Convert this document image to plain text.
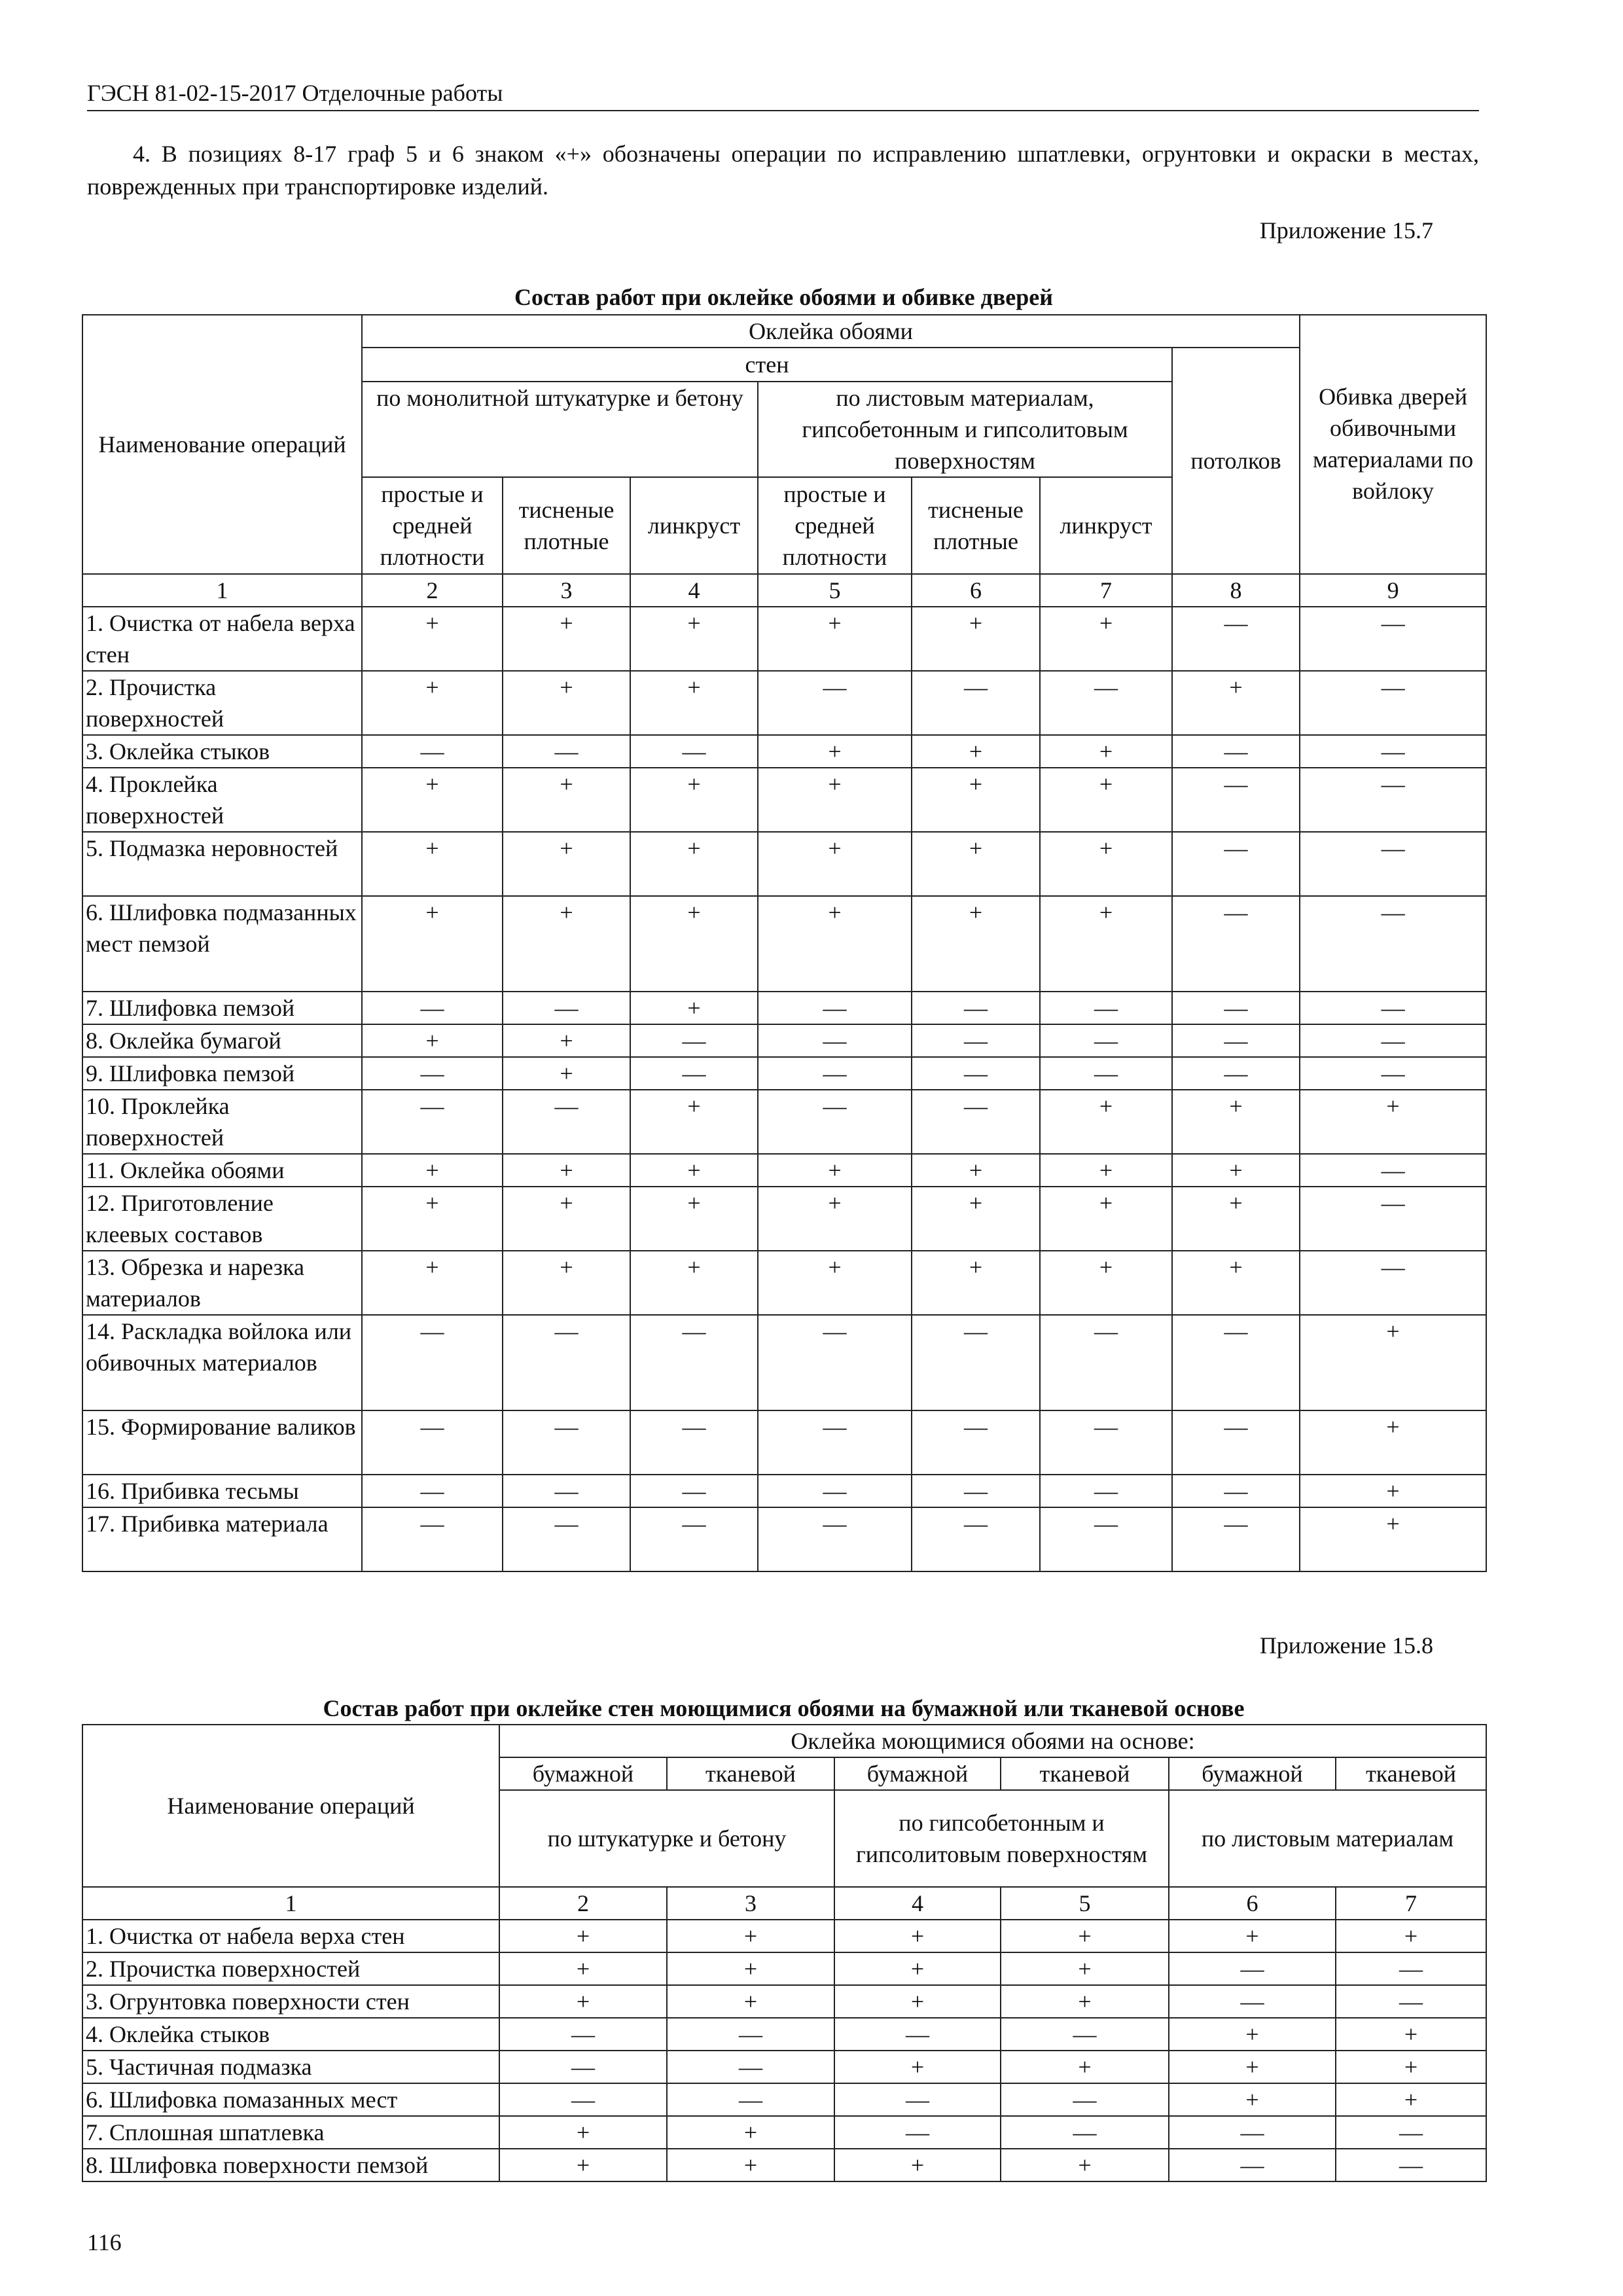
ГЭСН 81-02-15-2017 Отделочные работы
4. В позициях 8-17 граф 5 и 6 знаком «+» обозначены операции по исправлению шпатлевки, огрунтовки и окраски в местах, поврежденных при транспортировке изделий.
Приложение 15.7
Состав работ при оклейке обоями и обивке дверей
Наименование операций	Оклейка обоями							Обивка дверей обивочными материалами по войлоку
	стен						потолков	
	по монолитной штукатурке и бетону			по листовым материалам, гипсобетонным и гипсолитовым поверхностям				
	простые и средней плотности	тисненые плотные	линкруст	простые и средней плотности	тисненые плотные	линкруст		
1	2	3	4	5	6	7	8	9
1. Очистка от набела верха стен	+	+	+	+	+	+	—	—
2. Прочистка поверхностей	+	+	+	—	—	—	+	—
3. Оклейка стыков	—	—	—	+	+	+	—	—
4. Проклейка поверхностей	+	+	+	+	+	+	—	—
5. Подмазка неровностей	+	+	+	+	+	+	—	—
6. Шлифовка подмазанных мест пемзой	+	+	+	+	+	+	—	—
7. Шлифовка пемзой	—	—	+	—	—	—	—	—
8. Оклейка бумагой	+	+	—	—	—	—	—	—
9. Шлифовка пемзой	—	+	—	—	—	—	—	—
10. Проклейка поверхностей	—	—	+	—	—	+	+	+
11. Оклейка обоями	+	+	+	+	+	+	+	—
12. Приготовление клеевых составов	+	+	+	+	+	+	+	—
13. Обрезка и нарезка материалов	+	+	+	+	+	+	+	—
14. Раскладка войлока или обивочных материалов	—	—	—	—	—	—	—	+
15. Формирование валиков	—	—	—	—	—	—	—	+
16. Прибивка тесьмы	—	—	—	—	—	—	—	+
17. Прибивка материала	—	—	—	—	—	—	—	+
Приложение 15.8
Состав работ при оклейке стен моющимися обоями на бумажной или тканевой основе
Наименование операций	Оклейка моющимися обоями на основе:					
	бумажной	тканевой	бумажной	тканевой	бумажной	тканевой
	по штукатурке и бетону		по гипсобетонным и гипсолитовым поверхностям		по листовым материалам	
1	2	3	4	5	6	7
1. Очистка от набела верха стен	+	+	+	+	+	+
2. Прочистка поверхностей	+	+	+	+	—	—
3. Огрунтовка поверхности стен	+	+	+	+	—	—
4. Оклейка стыков	—	—	—	—	+	+
5. Частичная подмазка	—	—	+	+	+	+
6. Шлифовка помазанных мест	—	—	—	—	+	+
7. Сплошная шпатлевка	+	+	—	—	—	—
8. Шлифовка поверхности пемзой	+	+	+	+	—	—
116
